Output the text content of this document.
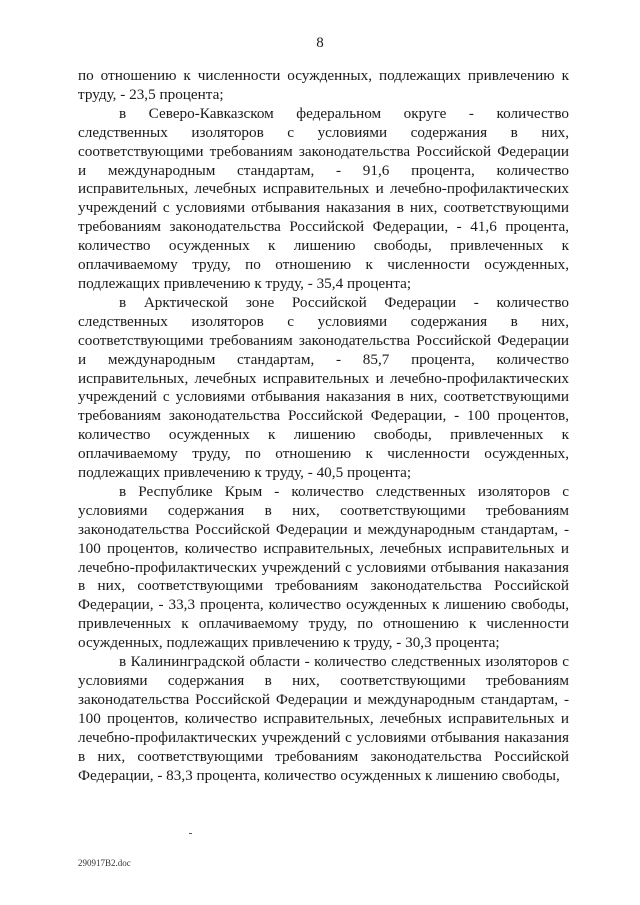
8

по отношению к численности осужденных, подлежащих привлечению к труду, - 23,5 процента;

в Северо-Кавказском федеральном округе - количество следственных изоляторов с условиями содержания в них, соответствующими требованиям законодательства Российской Федерации и международным стандартам, - 91,6 процента, количество исправительных, лечебных исправительных и лечебно-профилактических учреждений с условиями отбывания наказания в них, соответствующими требованиям законодательства Российской Федерации, - 41,6 процента, количество осужденных к лишению свободы, привлеченных к оплачиваемому труду, по отношению к численности осужденных, подлежащих привлечению к труду, - 35,4 процента;

в Арктической зоне Российской Федерации - количество следственных изоляторов с условиями содержания в них, соответствующими требованиям законодательства Российской Федерации и международным стандартам, - 85,7 процента, количество исправительных, лечебных исправительных и лечебно-профилактических учреждений с условиями отбывания наказания в них, соответствующими требованиям законодательства Российской Федерации, - 100 процентов, количество осужденных к лишению свободы, привлеченных к оплачиваемому труду, по отношению к численности осужденных, подлежащих привлечению к труду, - 40,5 процента;

в Республике Крым - количество следственных изоляторов с условиями содержания в них, соответствующими требованиям законодательства Российской Федерации и международным стандартам, - 100 процентов, количество исправительных, лечебных исправительных и лечебно-профилактических учреждений с условиями отбывания наказания в них, соответствующими требованиям законодательства Российской Федерации, - 33,3 процента, количество осужденных к лишению свободы, привлеченных к оплачиваемому труду, по отношению к численности осужденных, подлежащих привлечению к труду, - 30,3 процента;

в Калининградской области - количество следственных изоляторов с условиями содержания в них, соответствующими требованиям законодательства Российской Федерации и международным стандартам, - 100 процентов, количество исправительных, лечебных исправительных и лечебно-профилактических учреждений с условиями отбывания наказания в них, соответствующими требованиям законодательства Российской Федерации, - 83,3 процента, количество осужденных к лишению свободы,

290917B2.doc
